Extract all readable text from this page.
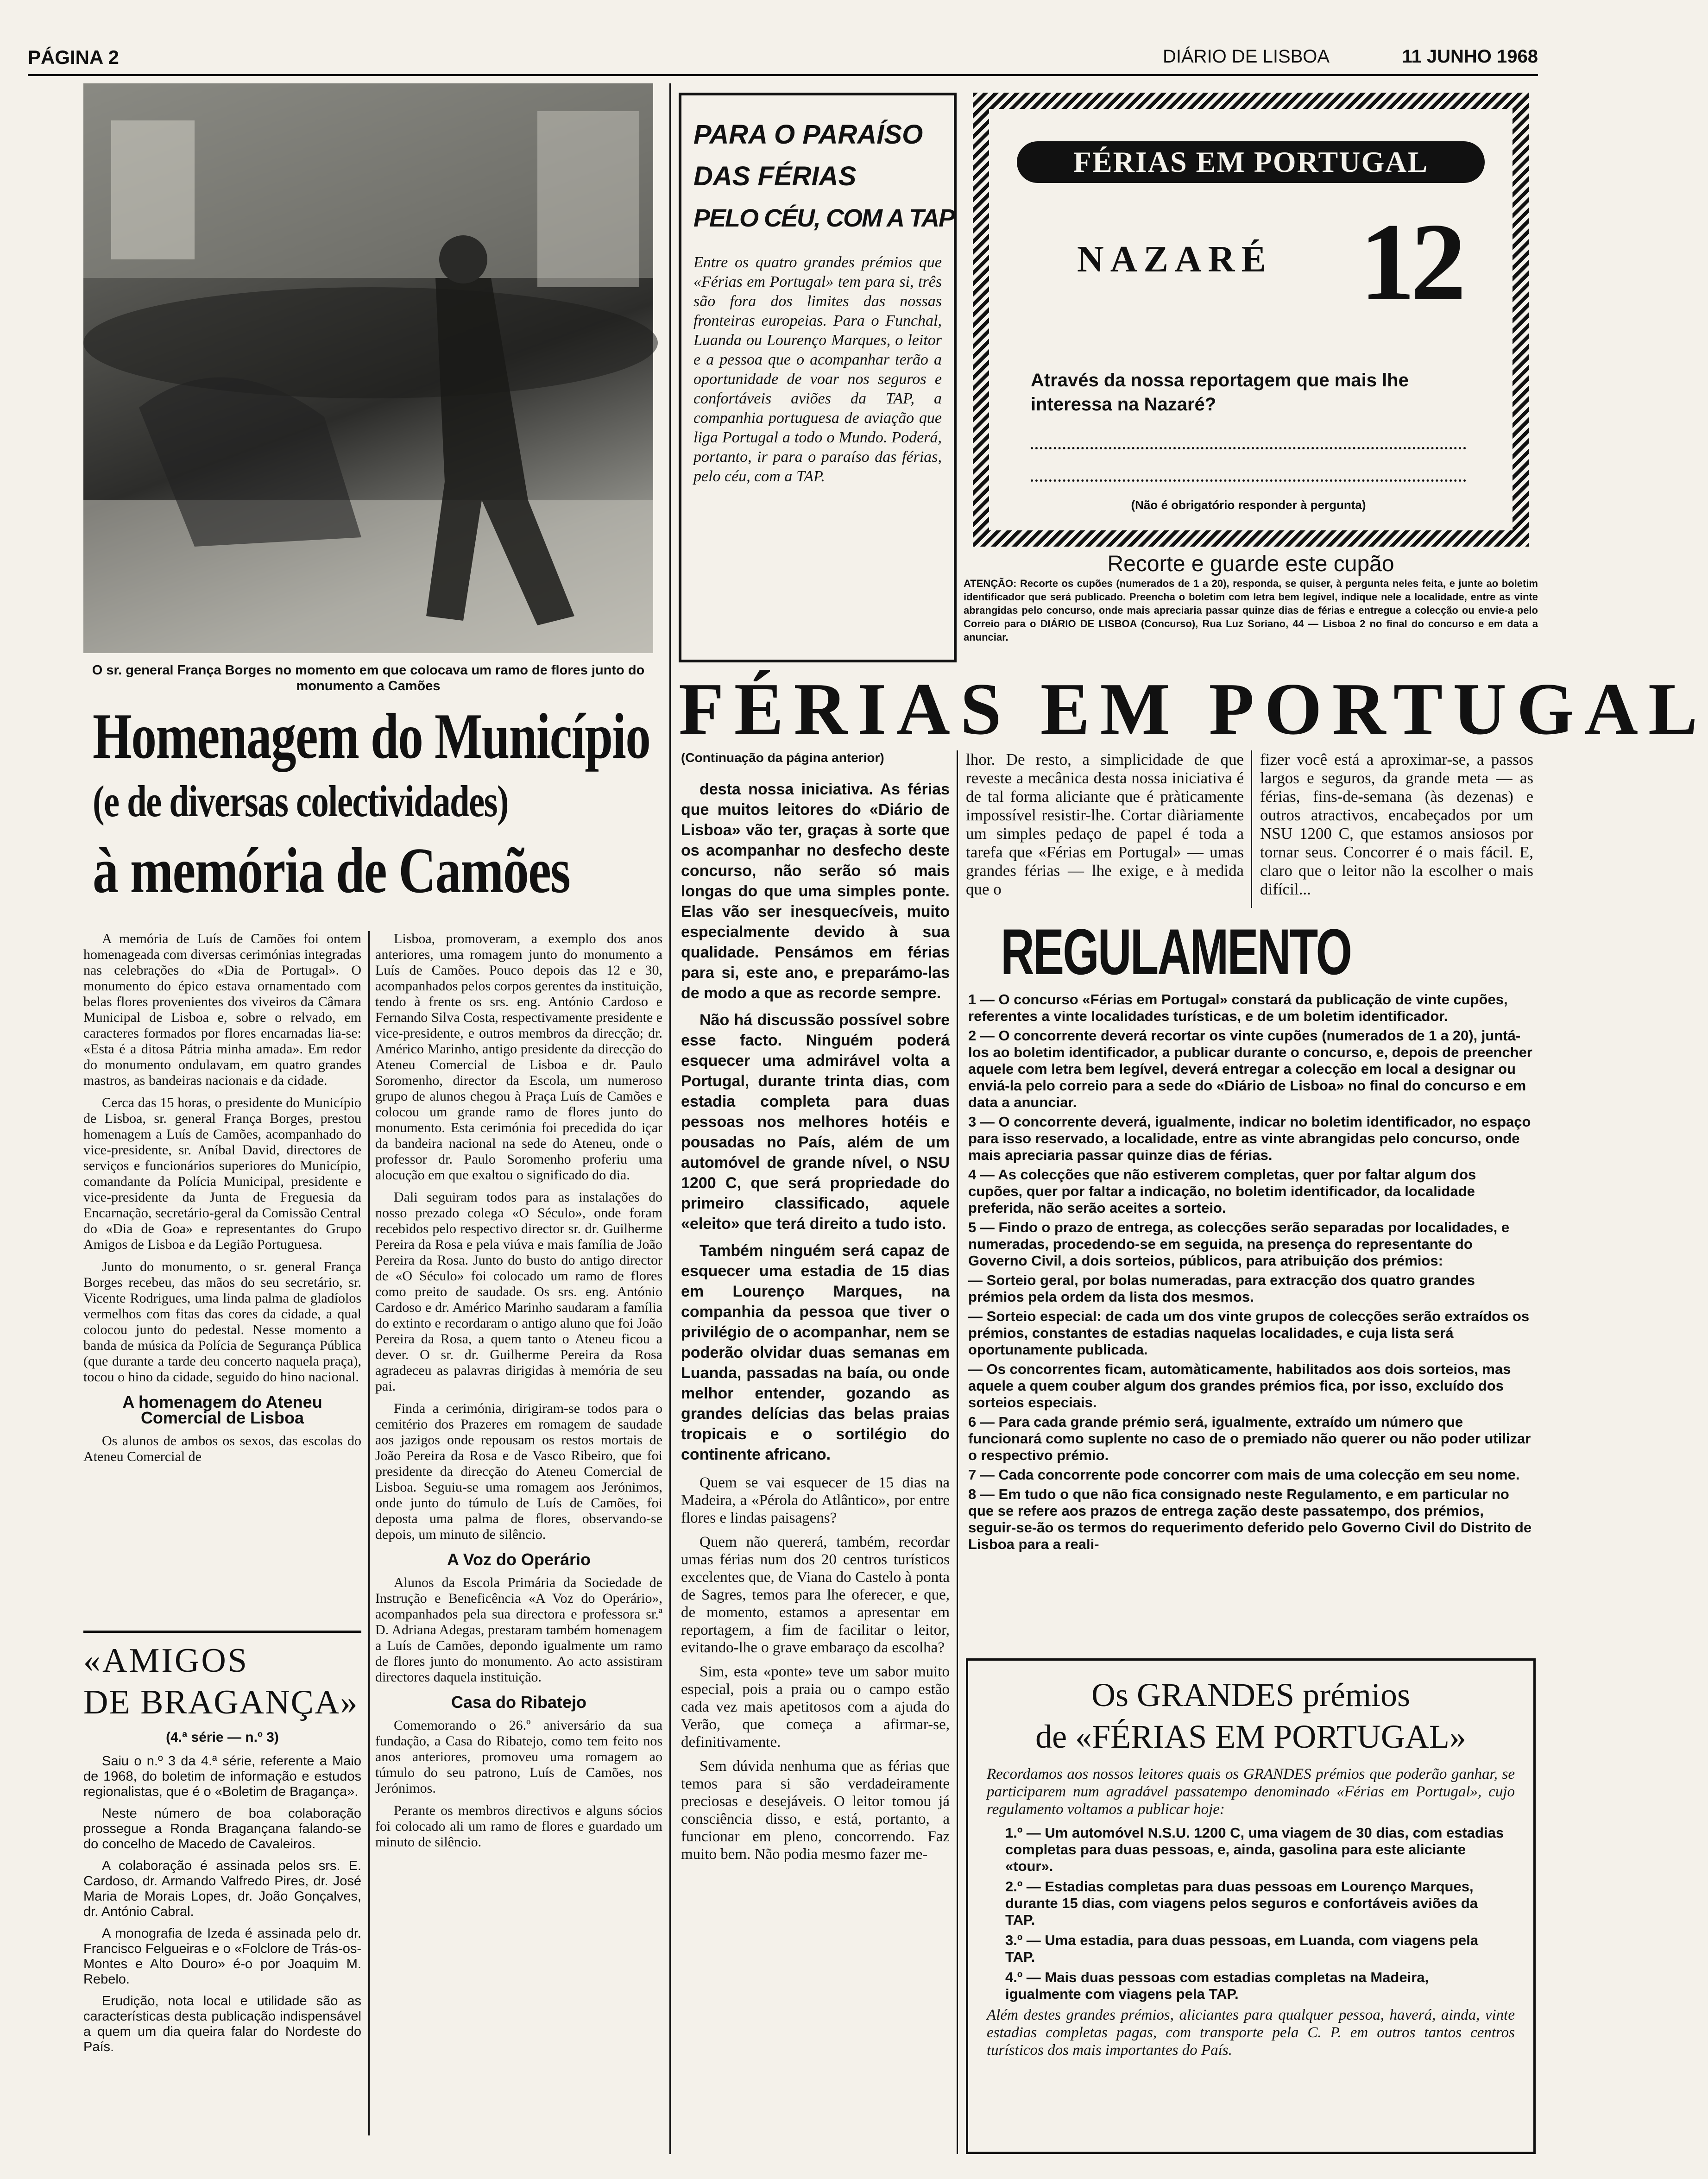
PÁGINA 2	DIÁRIO DE LISBOA	11 JUNHO 1968
O sr. general França Borges no momento em que colocava um ramo de flores junto do monumento a Camões
Homenagem do Município
(e de diversas colectividades)
à memória de Camões

A memória de Luís de Camões foi ontem homenageada com diversas cerimónias integradas nas celebrações do «Dia de Portugal». O monumento do épico estava ornamentado com belas flores provenientes dos viveiros da Câmara Municipal de Lisboa e, sobre o relvado, em caracteres formados por flores encarnadas lia-se: «Esta é a ditosa Pátria minha amada». Em redor do monumento ondulavam, em quatro grandes mastros, as bandeiras nacionais e da cidade.

Cerca das 15 horas, o presidente do Município de Lisboa, sr. general França Borges, prestou homenagem a Luís de Camões, acompanhado do vice-presidente, sr. Aníbal David, directores de serviços e funcionários superiores do Município, comandante da Polícia Municipal, presidente e vice-presidente da Junta de Freguesia da Encarnação, secretário-geral da Comissão Central do «Dia de Goa» e representantes do Grupo Amigos de Lisboa e da Legião Portuguesa.

Junto do monumento, o sr. general França Borges recebeu, das mãos do seu secretário, sr. Vicente Rodrigues, uma linda palma de gladíolos vermelhos com fitas das cores da cidade, a qual colocou junto do pedestal. Nesse momento a banda de música da Polícia de Segurança Pública (que durante a tarde deu concerto naquela praça), tocou o hino da cidade, seguido do hino nacional.

A homenagem do Ateneu Comercial de Lisboa

Os alunos de ambos os sexos, das escolas do Ateneu Comercial de

Lisboa, promoveram, a exemplo dos anos anteriores, uma romagem junto do monumento a Luís de Camões. Pouco depois das 12 e 30, acompanhados pelos corpos gerentes da instituição, tendo à frente os srs. eng. António Cardoso e Fernando Silva Costa, respectivamente presidente e vice-presidente, e outros membros da direcção; dr. Américo Marinho, antigo presidente da direcção do Ateneu Comercial de Lisboa e dr. Paulo Soromenho, director da Escola, um numeroso grupo de alunos chegou à Praça Luís de Camões e colocou um grande ramo de flores junto do monumento. Esta cerimónia foi precedida do içar da bandeira nacional na sede do Ateneu, onde o professor dr. Paulo Soromenho proferiu uma alocução em que exaltou o significado do dia.

Dali seguiram todos para as instalações do nosso prezado colega «O Século», onde foram recebidos pelo respectivo director sr. dr. Guilherme Pereira da Rosa e pela viúva e mais família de João Pereira da Rosa. Junto do busto do antigo director de «O Século» foi colocado um ramo de flores como preito de saudade. Os srs. eng. António Cardoso e dr. Américo Marinho saudaram a família do extinto e recordaram o antigo aluno que foi João Pereira da Rosa, a quem tanto o Ateneu ficou a dever. O sr. dr. Guilherme Pereira da Rosa agradeceu as palavras dirigidas à memória de seu pai.

Finda a cerimónia, dirigiram-se todos para o cemitério dos Prazeres em romagem de saudade aos jazigos onde repousam os restos mortais de João Pereira da Rosa e de Vasco Ribeiro, que foi presidente da direcção do Ateneu Comercial de Lisboa. Seguiu-se uma romagem aos Jerónimos, onde junto do túmulo de Luís de Camões, foi deposta uma palma de flores, observando-se depois, um minuto de silêncio.

A Voz do Operário

Alunos da Escola Primária da Sociedade de Instrução e Beneficência «A Voz do Operário», acompanhados pela sua directora e professora sr.ª D. Adriana Adegas, prestaram também homenagem a Luís de Camões, depondo igualmente um ramo de flores junto do monumento. Ao acto assistiram directores daquela instituição.

Casa do Ribatejo

Comemorando o 26.º aniversário da sua fundação, a Casa do Ribatejo, como tem feito nos anos anteriores, promoveu uma romagem ao túmulo do seu patrono, Luís de Camões, nos Jerónimos.

Perante os membros directivos e alguns sócios foi colocado ali um ramo de flores e guardado um minuto de silêncio.

«AMIGOS
DE BRAGANÇA»
(4.ª série — n.º 3)

Saiu o n.º 3 da 4.ª série, referente a Maio de 1968, do boletim de informação e estudos regionalistas, que é o «Boletim de Bragança».

Neste número de boa colaboração prossegue a Ronda Bragançana falando-se do concelho de Macedo de Cavaleiros.

A colaboração é assinada pelos srs. E. Cardoso, dr. Armando Valfredo Pires, dr. José Maria de Morais Lopes, dr. João Gonçalves, dr. António Cabral.

A monografia de Izeda é assinada pelo dr. Francisco Felgueiras e o «Folclore de Trás-os-Montes e Alto Douro» é-o por Joaquim M. Rebelo.

Erudição, nota local e utilidade são as características desta publicação indispensável a quem um dia queira falar do Nordeste do País.

PARA O PARAÍSO
DAS FÉRIAS
PELO CÉU, COM A TAP
Entre os quatro grandes prémios que «Férias em Portugal» tem para si, três são fora dos limites das nossas fronteiras europeias. Para o Funchal, Luanda ou Lourenço Marques, o leitor e a pessoa que o acompanhar terão a oportunidade de voar nos seguros e confortáveis aviões da TAP, a companhia portuguesa de aviação que liga Portugal a todo o Mundo. Poderá, portanto, ir para o paraíso das férias, pelo céu, com a TAP.
FÉRIAS EM PORTUGAL
NAZARÉ 12
Através da nossa reportagem que mais lhe interessa na Nazaré?
(Não é obrigatório responder à pergunta)
Recorte e guarde este cupão
ATENÇÃO: Recorte os cupões (numerados de 1 a 20), responda, se quiser, à pergunta neles feita, e junte ao boletim identificador que será publicado. Preencha o boletim com letra bem legível, indique nele a localidade, entre as vinte abrangidas pelo concurso, onde mais apreciaria passar quinze dias de férias e entregue a colecção ou envie-a pelo Correio para o DIÁRIO DE LISBOA (Concurso), Rua Luz Soriano, 44 — Lisboa 2 no final do concurso e em data a anunciar.
FÉRIAS EM PORTUGAL
(Continuação da página anterior)

desta nossa iniciativa. As férias que muitos leitores do «Diário de Lisboa» vão ter, graças à sorte que os acompanhar no desfecho deste concurso, não serão só mais longas do que uma simples ponte. Elas vão ser inesquecíveis, muito especialmente devido à sua qualidade. Pensámos em férias para si, este ano, e preparámo-las de modo a que as recorde sempre.

Não há discussão possível sobre esse facto. Ninguém poderá esquecer uma admirável volta a Portugal, durante trinta dias, com estadia completa para duas pessoas nos melhores hotéis e pousadas no País, além de um automóvel de grande nível, o NSU 1200 C, que será propriedade do primeiro classificado, aquele «eleito» que terá direito a tudo isto.

Também ninguém será capaz de esquecer uma estadia de 15 dias em Lourenço Marques, na companhia da pessoa que tiver o privilégio de o acompanhar, nem se poderão olvidar duas semanas em Luanda, passadas na baía, ou onde melhor entender, gozando as grandes delícias das belas praias tropicais e o sortilégio do continente africano.

Quem se vai esquecer de 15 dias na Madeira, a «Pérola do Atlântico», por entre flores e lindas paisagens?

Quem não quererá, também, recordar umas férias num dos 20 centros turísticos excelentes que, de Viana do Castelo à ponta de Sagres, temos para lhe oferecer, e que, de momento, estamos a apresentar em reportagem, a fim de facilitar o leitor, evitando-lhe o grave embaraço da escolha?

Sim, esta «ponte» teve um sabor muito especial, pois a praia ou o campo estão cada vez mais apetitosos com a ajuda do Verão, que começa a afirmar-se, definitivamente.

Sem dúvida nenhuma que as férias que temos para si são verdadeiramente preciosas e desejáveis. O leitor tomou já consciência disso, e está, portanto, a funcionar em pleno, concorrendo. Faz muito bem. Não podia mesmo fazer me-

lhor. De resto, a simplicidade de que reveste a mecânica desta nossa iniciativa é de tal forma aliciante que é pràticamente impossível resistir-lhe. Cortar diàriamente um simples pedaço de papel é toda a tarefa que «Férias em Portugal» — umas grandes férias — lhe exige, e à medida que o
fizer você está a aproximar-se, a passos largos e seguros, da grande meta — as férias, fins-de-semana (às dezenas) e outros atractivos, encabeçados por um NSU 1200 C, que estamos ansiosos por tornar seus. Concorrer é o mais fácil. E, claro que o leitor não la escolher o mais difícil...
REGULAMENTO
1 — O concurso «Férias em Portugal» constará da publicação de vinte cupões, referentes a vinte localidades turísticas, e de um boletim identificador.
2 — O concorrente deverá recortar os vinte cupões (numerados de 1 a 20), juntá-los ao boletim identificador, a publicar durante o concurso, e, depois de preencher aquele com letra bem legível, deverá entregar a colecção em local a designar ou enviá-la pelo correio para a sede do «Diário de Lisboa» no final do concurso e em data a anunciar.
3 — O concorrente deverá, igualmente, indicar no boletim identificador, no espaço para isso reservado, a localidade, entre as vinte abrangidas pelo concurso, onde mais apreciaria passar quinze dias de férias.
4 — As colecções que não estiverem completas, quer por faltar algum dos cupões, quer por faltar a indicação, no boletim identificador, da localidade preferida, não serão aceites a sorteio.
5 — Findo o prazo de entrega, as colecções serão separadas por localidades, e numeradas, procedendo-se em seguida, na presença do representante do Governo Civil, a dois sorteios, públicos, para atribuição dos prémios:
— Sorteio geral, por bolas numeradas, para extracção dos quatro grandes prémios pela ordem da lista dos mesmos.
— Sorteio especial: de cada um dos vinte grupos de colecções serão extraídos os prémios, constantes de estadias naquelas localidades, e cuja lista será oportunamente publicada.
— Os concorrentes ficam, automàticamente, habilitados aos dois sorteios, mas aquele a quem couber algum dos grandes prémios fica, por isso, excluído dos sorteios especiais.
6 — Para cada grande prémio será, igualmente, extraído um número que funcionará como suplente no caso de o premiado não querer ou não poder utilizar o respectivo prémio.
7 — Cada concorrente pode concorrer com mais de uma colecção em seu nome.
8 — Em tudo o que não fica consignado neste Regulamento, e em particular no que se refere aos prazos de entrega zação deste passatempo, dos prémios, seguir-se-ão os termos do requerimento deferido pelo Governo Civil do Distrito de Lisboa para a reali-
Os GRANDES prémios
de «FÉRIAS EM PORTUGAL»
Recordamos aos nossos leitores quais os GRANDES prémios que poderão ganhar, se participarem num agradável passatempo denominado «Férias em Portugal», cujo regulamento voltamos a publicar hoje:
1.º — Um automóvel N.S.U. 1200 C, uma viagem de 30 dias, com estadias completas para duas pessoas, e, ainda, gasolina para este aliciante «tour».
2.º — Estadias completas para duas pessoas em Lourenço Marques, durante 15 dias, com viagens pelos seguros e confortáveis aviões da TAP.
3.º — Uma estadia, para duas pessoas, em Luanda, com viagens pela TAP.
4.º — Mais duas pessoas com estadias completas na Madeira, igualmente com viagens pela TAP.
Além destes grandes prémios, aliciantes para qualquer pessoa, haverá, ainda, vinte estadias completas pagas, com transporte pela C. P. em outros tantos centros turísticos dos mais importantes do País.
